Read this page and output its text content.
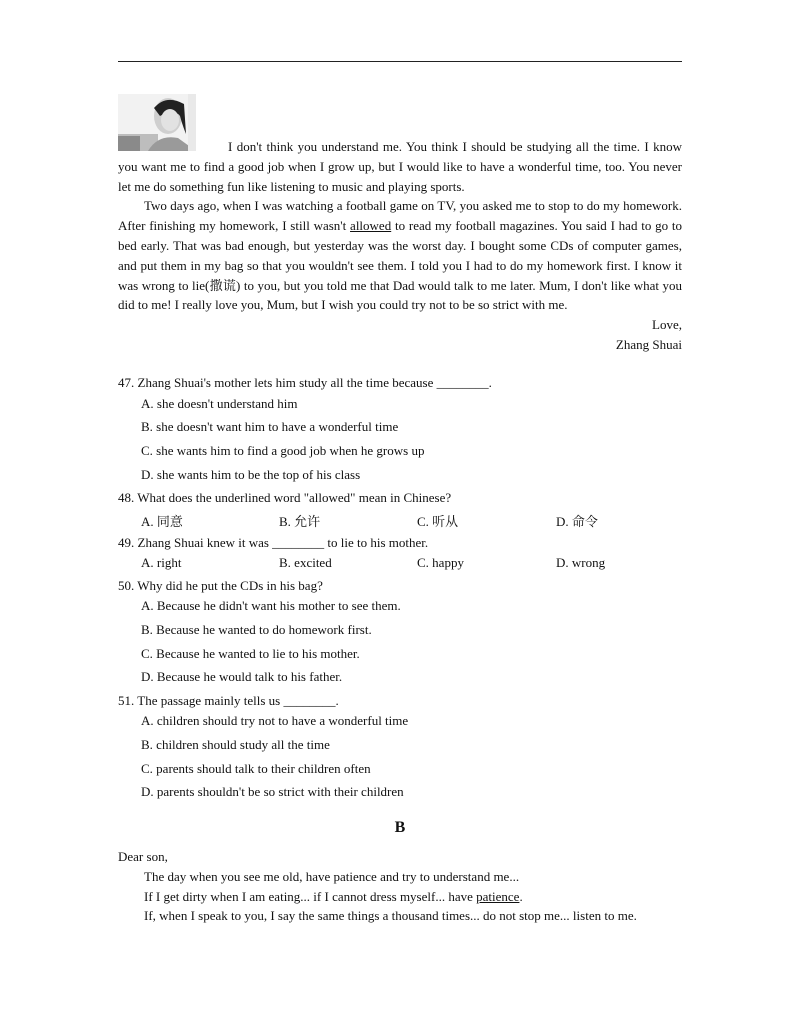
I don't think you understand me. You think I should be studying all the time. I know you want me to find a good job when I grow up, but I would like to have a wonderful time, too. You never let me do something fun like listening to music and playing sports.

Two days ago, when I was watching a football game on TV, you asked me to stop to do my homework. After finishing my homework, I still wasn't allowed to read my football magazines. You said I had to go to bed early. That was bad enough, but yesterday was the worst day. I bought some CDs of computer games, and put them in my bag so that you wouldn't see them. I told you I had to do my homework first. I know it was wrong to lie(撒谎) to you, but you told me that Dad would talk to me later. Mum, I don't like what you did to me! I really love you, Mum, but I wish you could try not to be so strict with me.

Love,

Zhang Shuai

47. Zhang Shuai's mother lets him study all the time because ________.

A. she doesn't understand him

B. she doesn't want him to have a wonderful time

C. she wants him to find a good job when he grows up

D. she wants him to be the top of his class

48. What does the underlined word "allowed" mean in Chinese?

A. 同意	B. 允许	C. 听从	D. 命令

49. Zhang Shuai knew it was ________ to lie to his mother.

A. right	B. excited	C. happy	D. wrong

50. Why did he put the CDs in his bag?

A. Because he didn't want his mother to see them.

B. Because he wanted to do homework first.

C. Because he wanted to lie to his mother.

D. Because he would talk to his father.

51. The passage mainly tells us ________.

A. children should try not to have a wonderful time

B. children should study all the time

C. parents should talk to their children often

D. parents shouldn't be so strict with their children

B

Dear son,

The day when you see me old, have patience and try to understand me...

If I get dirty when I am eating... if I cannot dress myself... have patience.

If, when I speak to you, I say the same things a thousand times... do not stop me... listen to me.
